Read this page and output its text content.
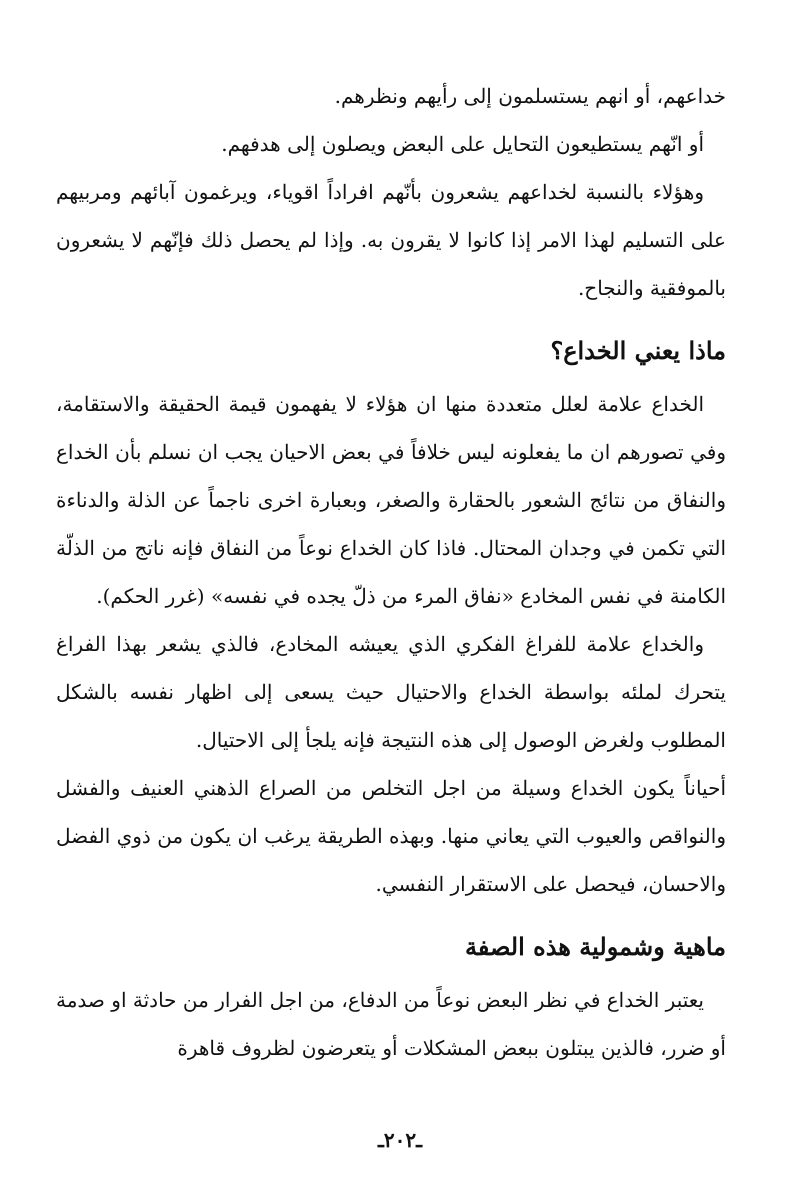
خداعهم، أو انهم يستسلمون إلى رأيهم ونظرهم.

أو انّهم يستطيعون التحايل على البعض ويصلون إلى هدفهم.

وهؤلاء بالنسبة لخداعهم يشعرون بأنّهم افراداً اقوياء، ويرغمون آبائهم ومربيهم على التسليم لهذا الامر إذا كانوا لا يقرون به. وإذا لم يحصل ذلك فإنّهم لا يشعرون بالموفقية والنجاح.

ماذا يعني الخداع؟

الخداع علامة لعلل متعددة منها ان هؤلاء لا يفهمون قيمة الحقيقة والاستقامة، وفي تصورهم ان ما يفعلونه ليس خلافاً في بعض الاحيان يجب ان نسلم بأن الخداع والنفاق من نتائج الشعور بالحقارة والصغر، وبعبارة اخرى ناجماً عن الذلة والدناءة التي تكمن في وجدان المحتال. فاذا كان الخداع نوعاً من النفاق فإنه ناتج من الذلّة الكامنة في نفس المخادع «نفاق المرء من ذلّ يجده في نفسه» (غرر الحكم).

والخداع علامة للفراغ الفكري الذي يعيشه المخادع، فالذي يشعر بهذا الفراغ يتحرك لملئه بواسطة الخداع والاحتيال حيث يسعى إلى اظهار نفسه بالشكل المطلوب ولغرض الوصول إلى هذه النتيجة فإنه يلجأ إلى الاحتيال.

أحياناً يكون الخداع وسيلة من اجل التخلص من الصراع الذهني العنيف والفشل والنواقص والعيوب التي يعاني منها. وبهذه الطريقة يرغب ان يكون من ذوي الفضل والاحسان، فيحصل على الاستقرار النفسي.

ماهية وشمولية هذه الصفة

يعتبر الخداع في نظر البعض نوعاً من الدفاع، من اجل الفرار من حادثة او صدمة أو ضرر، فالذين يبتلون ببعض المشكلات أو يتعرضون لظروف قاهرة

ـ٢٠٢ـ
